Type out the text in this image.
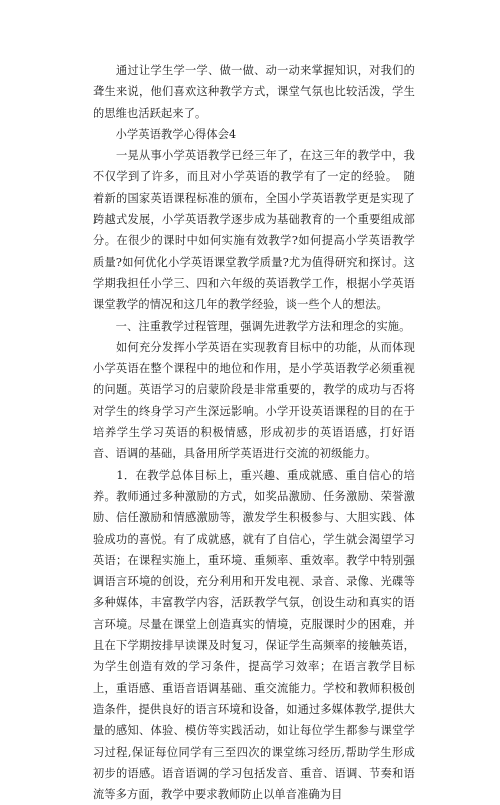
　　通过让学生学一学、做一做、动一动来掌握知识，对我们的聋生来说，他们喜欢这种教学方式，课堂气氛也比较活泼，学生的思维也活跃起来了。

　　小学英语教学心得体会4

　　一晃从事小学英语教学已经三年了，在这三年的教学中，我不仅学到了许多，而且对小学英语的教学有了一定的经验。　随着新的国家英语课程标准的颁布，全国小学英语教学更是实现了跨越式发展，小学英语教学逐步成为基础教育的一个重要组成部分。在很少的课时中如何实施有效教学?如何提高小学英语教学质量?如何优化小学英语课堂教学质量?尤为值得研究和探讨。这学期我担任小学三、四和六年级的英语教学工作，根据小学英语课堂教学的情况和这几年的教学经验，谈一些个人的想法。

　　一、注重教学过程管理，强调先进教学方法和理念的实施。

　　如何充分发挥小学英语在实现教育目标中的功能，从而体现小学英语在整个课程中的地位和作用，是小学英语教学必须重视的问题。英语学习的启蒙阶段是非常重要的，教学的成功与否将对学生的终身学习产生深远影响。小学开设英语课程的目的在于培养学生学习英语的积极情感，形成初步的英语语感，打好语音、语调的基础，具备用所学英语进行交流的初级能力。

　　1．在教学总体目标上，重兴趣、重成就感、重自信心的培养。教师通过多种激励的方式，如奖品激励、任务激励、荣誉激励、信任激励和情感激励等，激发学生积极参与、大胆实践、体验成功的喜悦。有了成就感，就有了自信心，学生就会渴望学习英语；在课程实施上，重环境、重频率、重效率。教学中特别强调语言环境的创设，充分利用和开发电视、录音、录像、光碟等多种媒体，丰富教学内容，活跃教学气氛，创设生动和真实的语言环境。尽量在课堂上创造真实的情境，克服课时少的困难，并且在下学期按排早读课及时复习，保证学生高频率的接触英语，为学生创造有效的学习条件，提高学习效率；在语言教学目标上，重语感、重语音语调基础、重交流能力。学校和教师积极创造条件，提供良好的语言环境和设备，如通过多媒体教学,提供大量的感知、体验、模仿等实践活动，如让每位学生都参与课堂学习过程,保证每位同学有三至四次的课堂练习经历,帮助学生形成初步的语感。语音语调的学习包括发音、重音、语调、节奏和语流等多方面，教学中要求教师防止以单音准确为目
